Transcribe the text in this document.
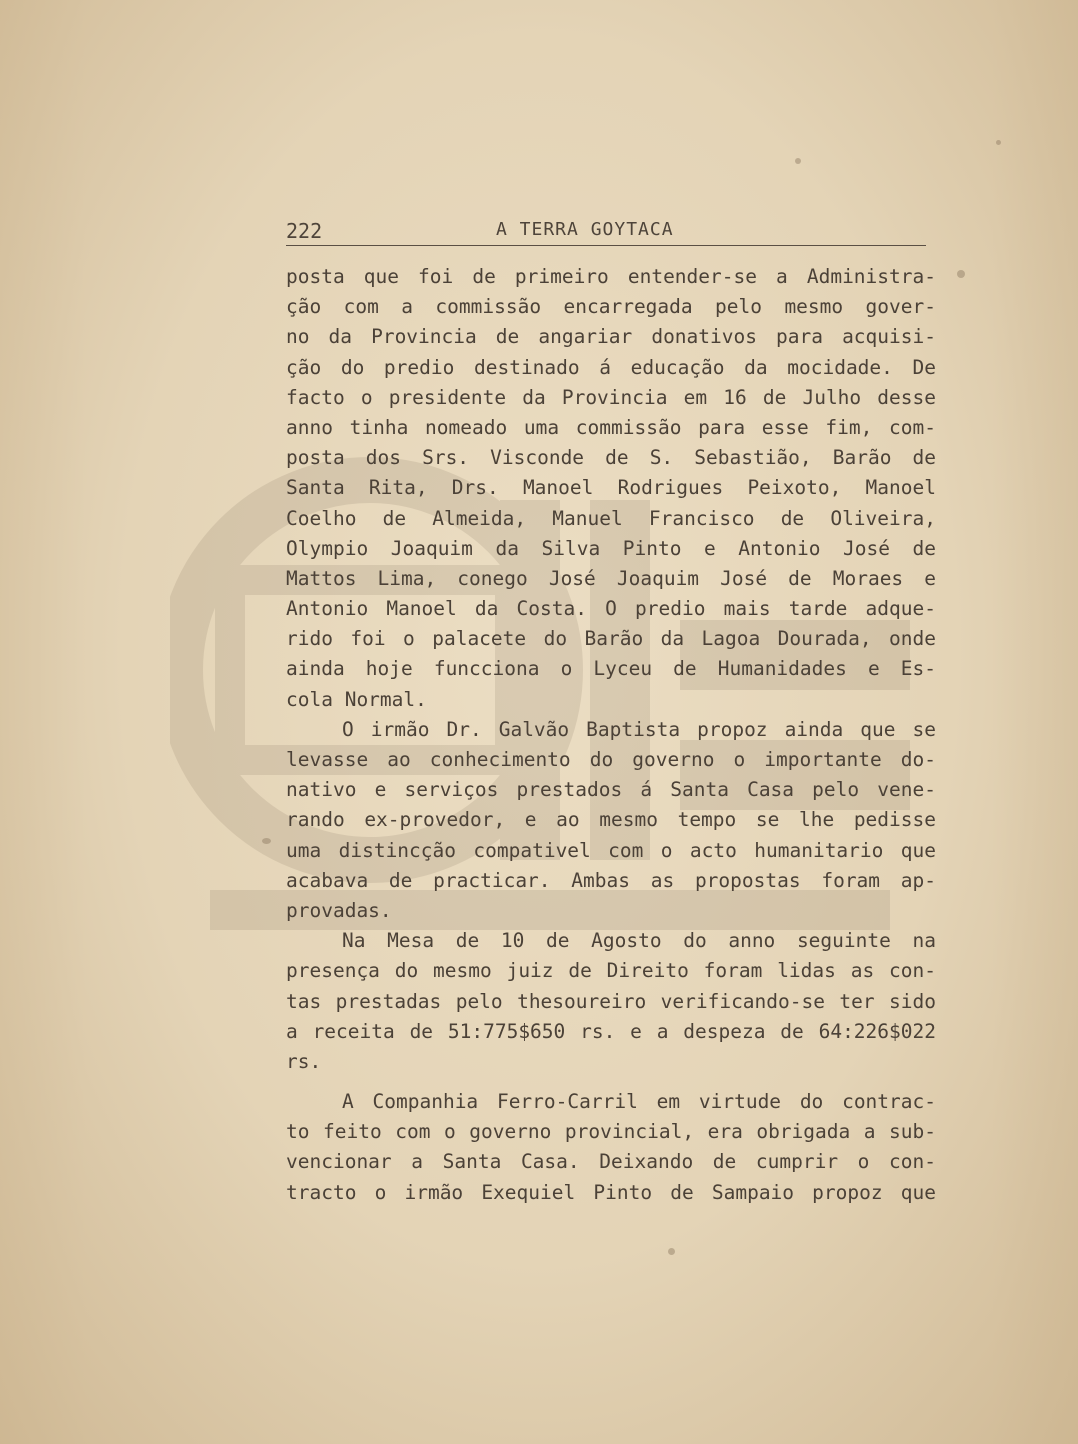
222	A TERRA GOYTACA
posta que foi de primeiro entender-se a Administra-
ção com a commissão encarregada pelo mesmo gover-
no da Provincia de angariar donativos para acquisi-
ção do predio destinado á educação da mocidade. De
facto o presidente da Provincia em 16 de Julho desse
anno tinha nomeado uma commissão para esse fim, com-
posta dos Srs. Visconde de S. Sebastião, Barão de
Santa Rita, Drs. Manoel Rodrigues Peixoto, Manoel
Coelho de Almeida, Manuel Francisco de Oliveira,
Olympio Joaquim da Silva Pinto e Antonio José de
Mattos Lima, conego José Joaquim José de Moraes e
Antonio Manoel da Costa. O predio mais tarde adque-
rido foi o palacete do Barão da Lagoa Dourada, onde
ainda hoje funcciona o Lyceu de Humanidades e Es-
cola Normal.
O irmão Dr. Galvão Baptista propoz ainda que se
levasse ao conhecimento do governo o importante do-
nativo e serviços prestados á Santa Casa pelo vene-
rando ex-provedor, e ao mesmo tempo se lhe pedisse
uma distincção compativel com o acto humanitario que
acabava de practicar. Ambas as propostas foram ap-
provadas.
Na Mesa de 10 de Agosto do anno seguinte na
presença do mesmo juiz de Direito foram lidas as con-
tas prestadas pelo thesoureiro verificando-se ter sido
a receita de 51:775$650 rs. e a despeza de 64:226$022
rs.
A Companhia Ferro-Carril em virtude do contrac-
to feito com o governo provincial, era obrigada a sub-
vencionar a Santa Casa. Deixando de cumprir o con-
tracto o irmão Exequiel Pinto de Sampaio propoz que
